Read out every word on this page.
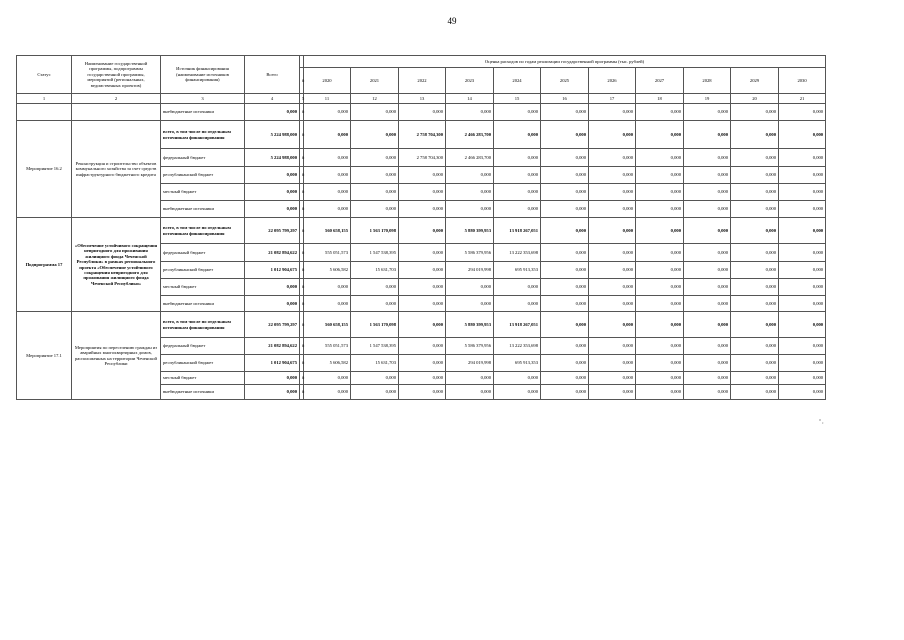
49
Статус	Наименование государственной программы, подпрограммы государственной программы, мероприятий (региональных, ведомственных проектов)	Источник финансирования (наименование источников финансирования)	Всего		Оценка расходов по годам реализации государственной программы (тыс. рублей)										
				#	2020	2021	2022	2023	2024	2025	2026	2027	2028	2029	2030
1	2	3	4	5	11	12	13	14	15	16	17	18	19	20	21
		внебюджетные источники	0,000	#	0,000	0,000	0,000	0,000	0,000	0,000	0,000	0,000	0,000	0,000	0,000
Мероприятие 16.2	Реконструкция и строительство объектов коммунального хозяйства за счет средств инфраструктурного бюджетного кредита	всего, в том числе по отдельным источникам финансирования	5 224 988,000	#	0,000	0,000	2 758 704,300	2 466 283,700	0,000	0,000	0,000	0,000	0,000	0,000	0,000
		федеральный бюджет	5 224 988,000	#	0,000	0,000	2 758 704,300	2 466 283,700	0,000	0,000	0,000	0,000	0,000	0,000	0,000
		республиканский бюджет	0,000	#	0,000	0,000	0,000	0,000	0,000	0,000	0,000	0,000	0,000	0,000	0,000
		местный бюджет	0,000	#	0,000	0,000	0,000	0,000	0,000	0,000	0,000	0,000	0,000	0,000	0,000
		внебюджетные источники	0,000	#	0,000	0,000	0,000	0,000	0,000	0,000	0,000	0,000	0,000	0,000	0,000
Подпрограмма 17	«Обеспечение устойчивого сокращения непригодного для проживания жилищного фонда Чеченской Республики» в рамках регионального проекта «Обеспечение устойчивого сокращения непригодного для проживания жилищного фонда Чеченской Республики»	всего, в том числе по отдельным источникам финансирования	22 095 799,297	#	560 658,155	1 563 170,098	0,000	5 880 399,953	13 918 267,051	0,000	0,000	0,000	0,000	0,000	0,000
		федеральный бюджет	21 082 894,622	#	555 051,573	1 547 538,395	0,000	5 586 379,956	13 222 353,698	0,000	0,000	0,000	0,000	0,000	0,000
		республиканский бюджет	1 012 904,675	#	5 606,582	15 631,703	0,000	294 019,998	695 913,353	0,000	0,000	0,000	0,000	0,000	0,000
		местный бюджет	0,000	#	0,000	0,000	0,000	0,000	0,000	0,000	0,000	0,000	0,000	0,000	0,000
		внебюджетные источники	0,000	#	0,000	0,000	0,000	0,000	0,000	0,000	0,000	0,000	0,000	0,000	0,000
Мероприятие 17.1	Мероприятия по переселению граждан из аварийных многоквартирных домов, расположенных на территории Чеченской Республики	всего, в том числе по отдельным источникам финансирования	22 095 799,297	#	560 658,155	1 563 170,098	0,000	5 880 399,953	13 918 267,051	0,000	0,000	0,000	0,000	0,000	0,000
		федеральный бюджет	21 082 894,622	#	555 051,573	1 547 538,395	0,000	5 586 379,956	13 222 353,698	0,000	0,000	0,000	0,000	0,000	0,000
		республиканский бюджет	1 012 904,675	#	5 606,582	15 631,703	0,000	294 019,998	695 913,353	0,000	0,000	0,000	0,000	0,000	0,000
		местный бюджет	0,000	#	0,000	0,000	0,000	0,000	0,000	0,000	0,000	0,000	0,000	0,000	0,000
		внебюджетные источники	0,000	#	0,000	0,000	0,000	0,000	0,000	0,000	0,000	0,000	0,000	0,000	0,000
" ,
